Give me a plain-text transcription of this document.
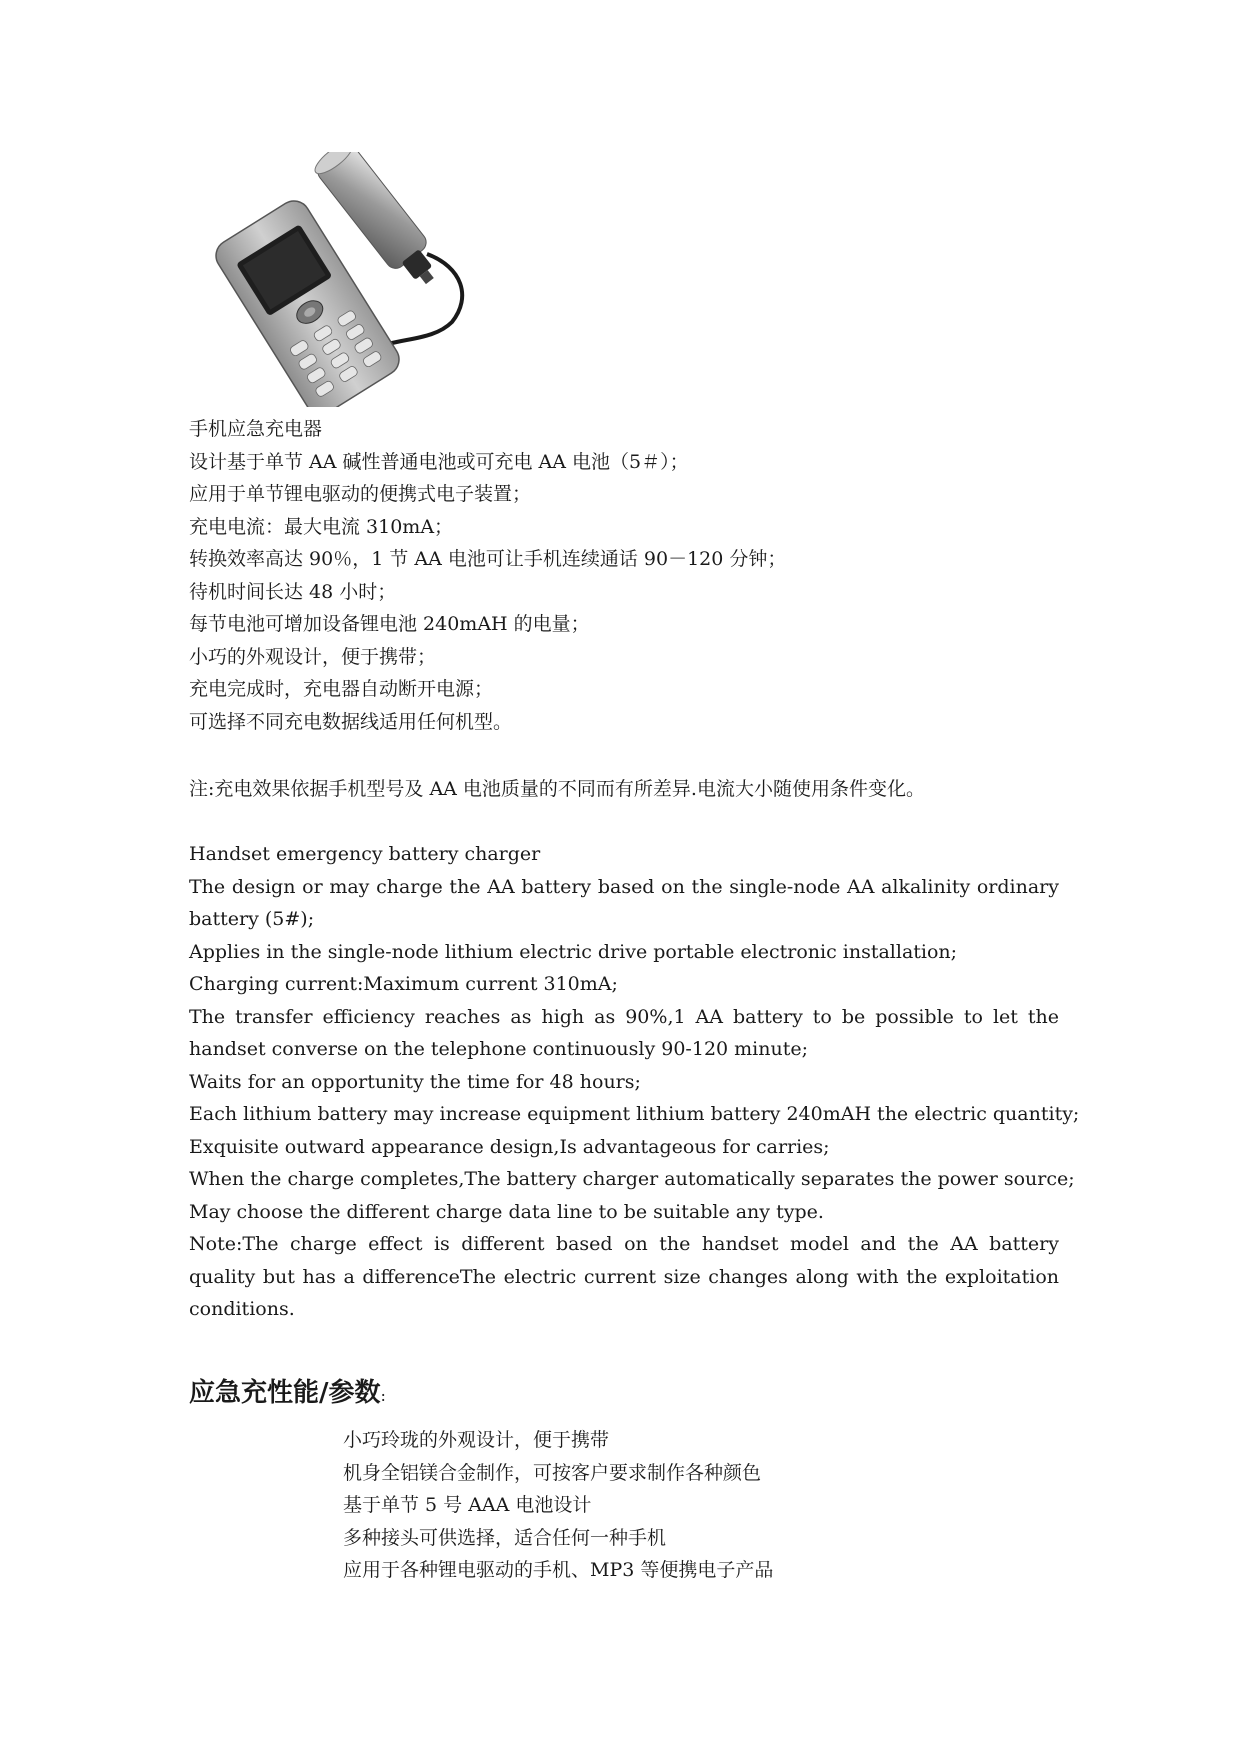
手机应急充电器
设计基于单节 AA 碱性普通电池或可充电 AA 电池（5＃）；
应用于单节锂电驱动的便携式电子装置；
充电电流：最大电流 310mA；
转换效率高达 90％，1 节 AA 电池可让手机连续通话 90－120 分钟；
待机时间长达 48 小时；
每节电池可增加设备锂电池 240mAH 的电量；
小巧的外观设计，便于携带；
充电完成时，充电器自动断开电源；
可选择不同充电数据线适用任何机型。
注:充电效果依据手机型号及 AA 电池质量的不同而有所差异.电流大小随使用条件变化。
Handset emergency battery charger
The design or may charge the AA battery based on the single-node AA alkalinity ordinary battery (5#);
Applies in the single-node lithium electric drive portable electronic installation;
Charging current:Maximum current 310mA;
The transfer efficiency reaches as high as 90%,1 AA battery to be possible to let the handset converse on the telephone continuously 90-120 minute;
Waits for an opportunity the time for 48 hours;
Each lithium battery may increase equipment lithium battery 240mAH the electric quantity;
Exquisite outward appearance design,Is advantageous for carries;
When the charge completes,The battery charger automatically separates the power source;
May choose the different charge data line to be suitable any type.
Note:The charge effect is different based on the handset model and the AA battery quality but has a differenceThe electric current size changes along with the exploitation conditions.
应急充性能/参数:
小巧玲珑的外观设计，便于携带
机身全铝镁合金制作，可按客户要求制作各种颜色
基于单节 5 号 AAA 电池设计
多种接头可供选择，适合任何一种手机
应用于各种锂电驱动的手机、MP3 等便携电子产品
